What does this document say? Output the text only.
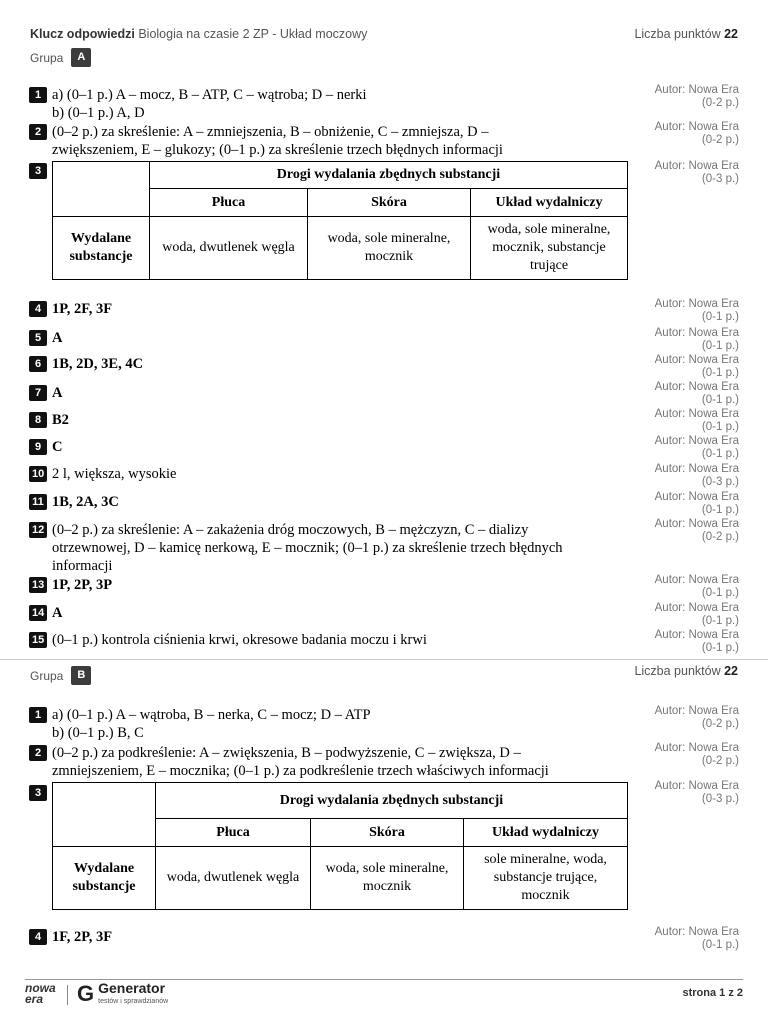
Klucz odpowiedzi Biologia na czasie 2 ZP - Układ moczowy	Liczba punktów 22
Grupa	A
1 a) (0–1 p.) A – mocz, B – ATP, C – wątroba; D – nerki
b) (0–1 p.) A, D
2 (0–2 p.) za skreślenie: A – zmniejszenia, B – obniżenie, C – zmniejsza, D –
zwiększeniem, E – glukozy; (0–1 p.) za skreślenie trzech błędnych informacji
3
		Drogi wydalania zbędnych substancji		
	Płuca	Skóra	Układ wydalniczy
Wydalane substancje	woda, dwutlenek węgla	woda, sole mineralne, mocznik	woda, sole mineralne, mocznik, substancje trujące
4 1P, 2F, 3F
5 A
6 1B, 2D, 3E, 4C
7 A
8 B2
9 C
10 2 l, większa, wysokie
11 1B, 2A, 3C
12 (0–2 p.) za skreślenie: A – zakażenia dróg moczowych, B – mężczyzn, C – dializy
otrzewnowej, D – kamicę nerkową, E – mocznik; (0–1 p.) za skreślenie trzech błędnych
informacji
13 1P, 2P, 3P
14 A
15 (0–1 p.) kontrola ciśnienia krwi, okresowe badania moczu i krwi
Autor: Nowa Era
(0-2 p.)
Autor: Nowa Era
(0-2 p.)
Autor: Nowa Era
(0-3 p.)
Autor: Nowa Era
(0-1 p.)
Autor: Nowa Era
(0-1 p.)
Autor: Nowa Era
(0-1 p.)
Autor: Nowa Era
(0-1 p.)
Autor: Nowa Era
(0-1 p.)
Autor: Nowa Era
(0-1 p.)
Autor: Nowa Era
(0-3 p.)
Autor: Nowa Era
(0-1 p.)
Autor: Nowa Era
(0-2 p.)
Autor: Nowa Era
(0-1 p.)
Autor: Nowa Era
(0-1 p.)
Autor: Nowa Era
(0-1 p.)
Grupa	B	Liczba punktów 22
1 a) (0–1 p.) A – wątroba, B – nerka, C – mocz; D – ATP
b) (0–1 p.) B, C
2 (0–2 p.) za podkreślenie: A – zwiększenia, B – podwyższenie, C – zwiększa, D –
zmniejszeniem, E – mocznika; (0–1 p.) za podkreślenie trzech właściwych informacji
3
		Drogi wydalania zbędnych substancji		
	Płuca	Skóra	Układ wydalniczy
Wydalane substancje	woda, dwutlenek węgla	woda, sole mineralne, mocznik	sole mineralne, woda, substancje trujące, mocznik
4 1F, 2P, 3F
Autor: Nowa Era
(0-2 p.)
Autor: Nowa Era
(0-2 p.)
Autor: Nowa Era
(0-3 p.)
Autor: Nowa Era
(0-1 p.)
nowa
era	G Generator
testów i sprawdzianów
strona 1 z 2
